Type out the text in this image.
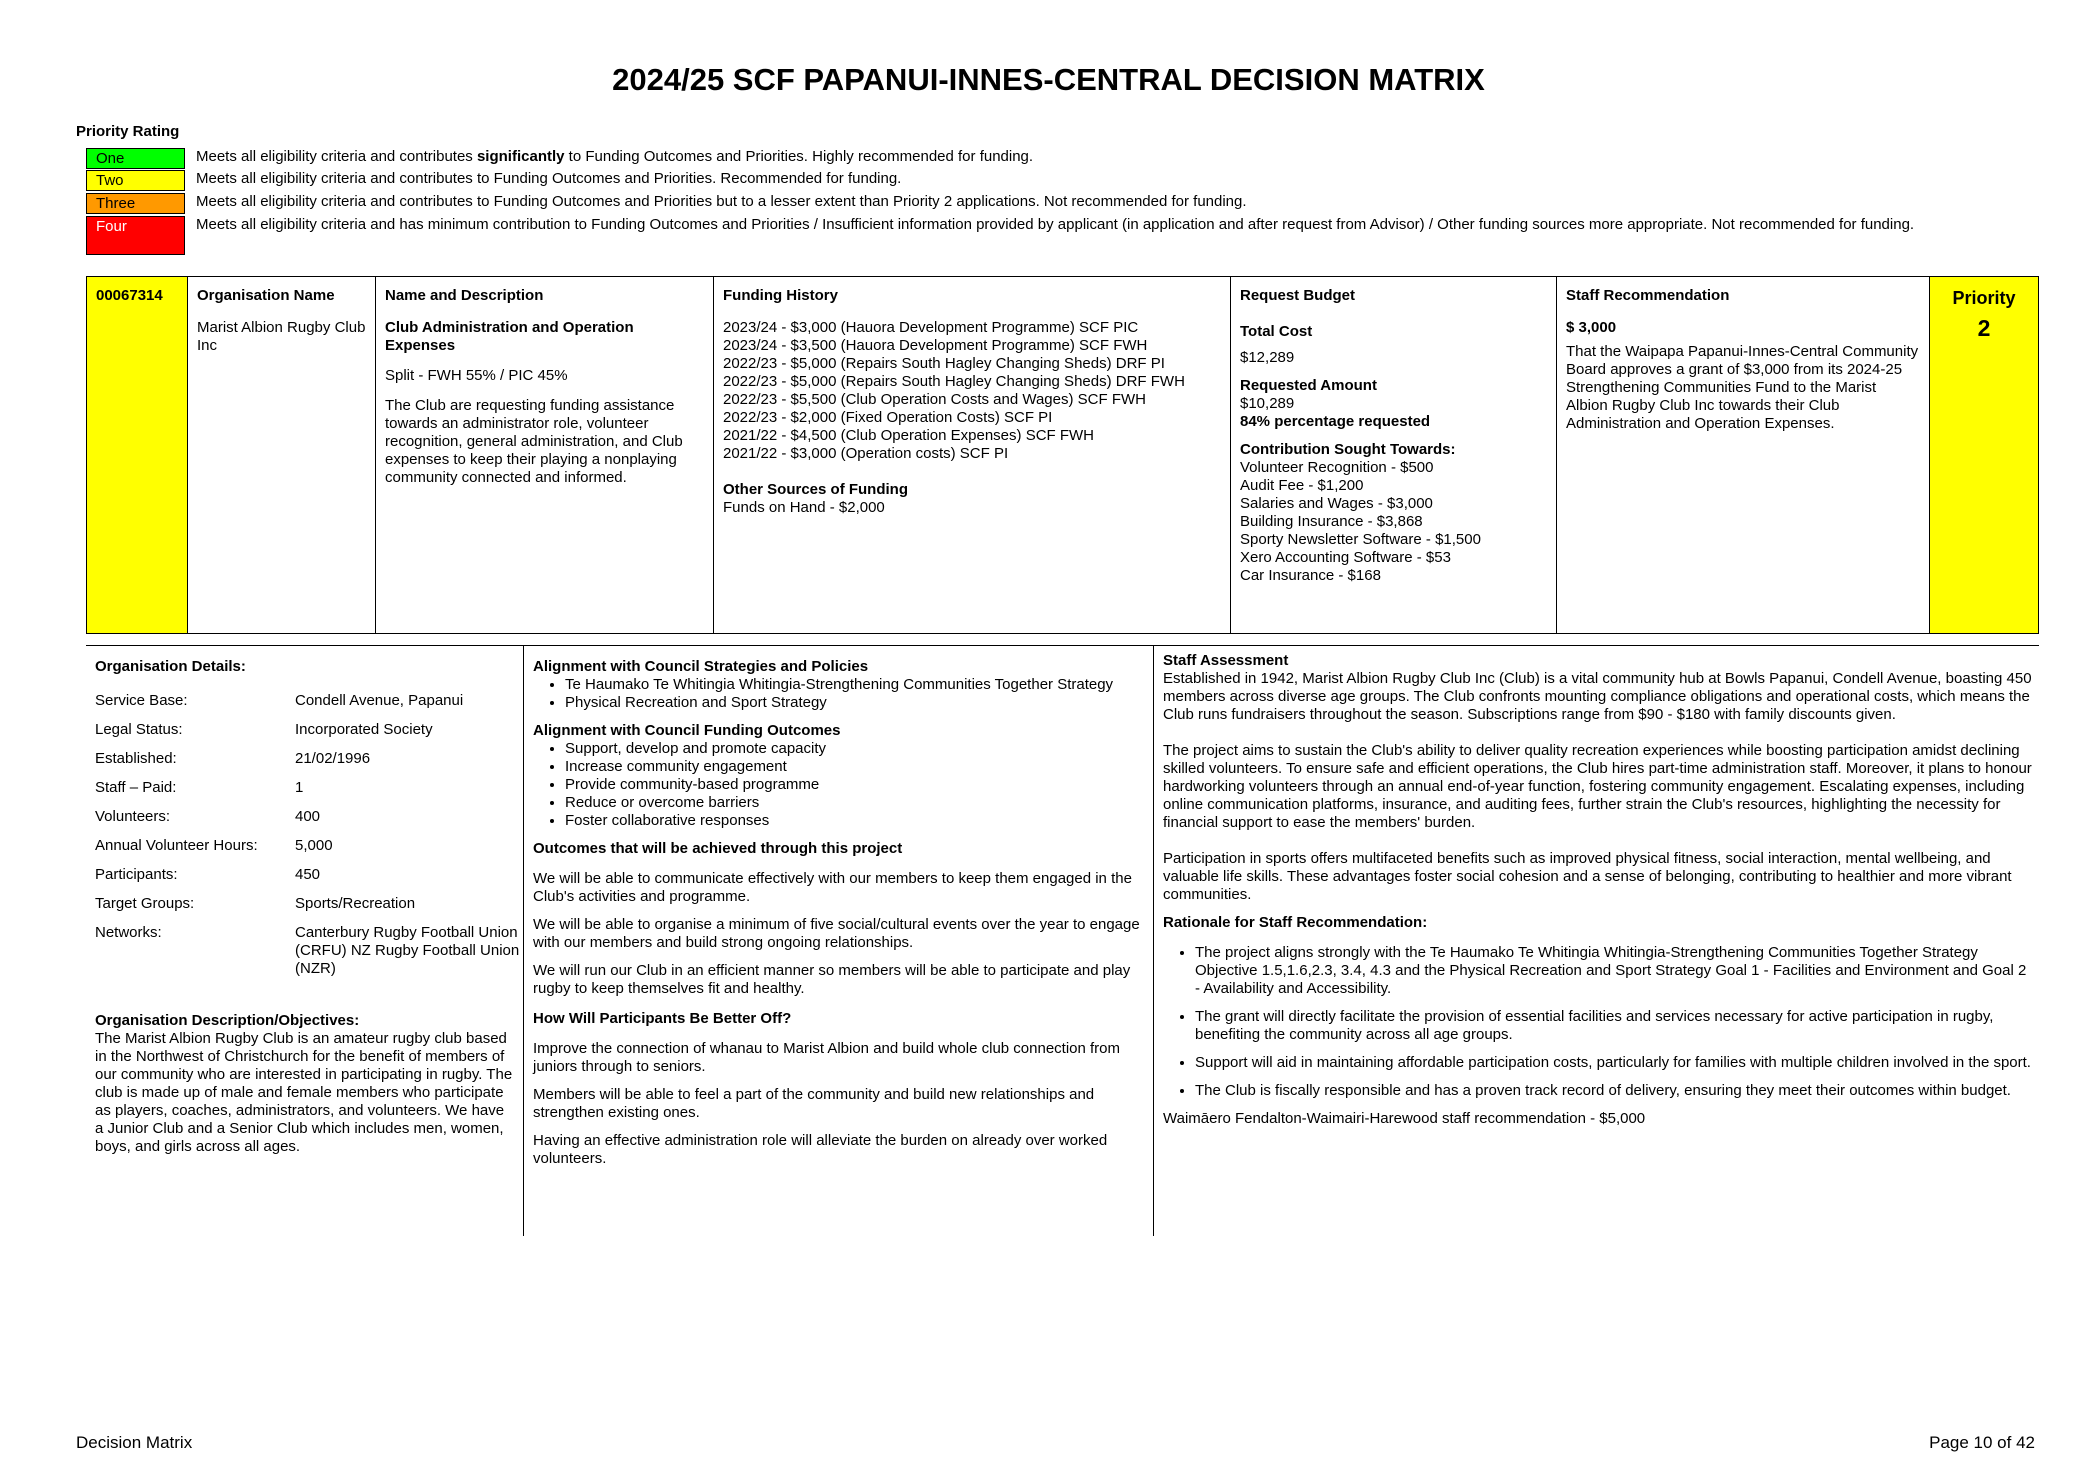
2024/25 SCF PAPANUI-INNES-CENTRAL DECISION MATRIX
Priority Rating
One	Meets all eligibility criteria and contributes significantly to Funding Outcomes and Priorities. Highly recommended for funding.
Two	Meets all eligibility criteria and contributes to Funding Outcomes and Priorities. Recommended for funding.
Three	Meets all eligibility criteria and contributes to Funding Outcomes and Priorities but to a lesser extent than Priority 2 applications. Not recommended for funding.
Four	Meets all eligibility criteria and has minimum contribution to Funding Outcomes and Priorities / Insufficient information provided by applicant (in application and after request from Advisor) / Other funding sources more appropriate. Not recommended for funding.
00067314	Organisation Name
Marist Albion Rugby Club Inc
Name and Description
Club Administration and Operation Expenses
Split - FWH 55% / PIC 45%
The Club are requesting funding assistance towards an administrator role, volunteer recognition, general administration, and Club expenses to keep their playing a nonplaying community connected and informed.
Funding History
2023/24 - $3,000 (Hauora Development Programme) SCF PIC
2023/24 - $3,500 (Hauora Development Programme) SCF FWH
2022/23 - $5,000 (Repairs South Hagley Changing Sheds) DRF PI
2022/23 - $5,000 (Repairs South Hagley Changing Sheds) DRF FWH
2022/23 - $5,500 (Club Operation Costs and Wages) SCF FWH
2022/23 - $2,000 (Fixed Operation Costs) SCF PI
2021/22 - $4,500 (Club Operation Expenses) SCF FWH
2021/22 - $3,000 (Operation costs) SCF PI
Other Sources of Funding
Funds on Hand - $2,000
Request Budget
Total Cost
$12,289
Requested Amount
$10,289
84% percentage requested
Contribution Sought Towards:
Volunteer Recognition - $500
Audit Fee - $1,200
Salaries and Wages - $3,000
Building Insurance - $3,868
Sporty Newsletter Software - $1,500
Xero Accounting Software - $53
Car Insurance - $168
Staff Recommendation
$ 3,000
That the Waipapa Papanui-Innes-Central Community Board approves a grant of $3,000 from its 2024-25 Strengthening Communities Fund to the Marist Albion Rugby Club Inc towards their Club Administration and Operation Expenses.
Priority
2
Organisation Details:
Service Base:	Condell Avenue, Papanui
Legal Status:	Incorporated Society
Established:	21/02/1996
Staff – Paid:	1
Volunteers:	400
Annual Volunteer Hours: 5,000
Participants:	450
Target Groups:	Sports/Recreation
Networks:	Canterbury Rugby Football Union (CRFU) NZ Rugby Football Union (NZR)
Organisation Description/Objectives:
The Marist Albion Rugby Club is an amateur rugby club based in the Northwest of Christchurch for the benefit of members of our community who are interested in participating in rugby. The club is made up of male and female members who participate as players, coaches, administrators, and volunteers. We have a Junior Club and a Senior Club which includes men, women, boys, and girls across all ages.
Alignment with Council Strategies and Policies
• Te Haumako Te Whitingia Whitingia-Strengthening Communities Together Strategy
• Physical Recreation and Sport Strategy
Alignment with Council Funding Outcomes
• Support, develop and promote capacity
• Increase community engagement
• Provide community-based programme
• Reduce or overcome barriers
• Foster collaborative responses
Outcomes that will be achieved through this project

We will be able to communicate effectively with our members to keep them engaged in the Club's activities and programme.

We will be able to organise a minimum of five social/cultural events over the year to engage with our members and build strong ongoing relationships.

We will run our Club in an efficient manner so members will be able to participate and play rugby to keep themselves fit and healthy.

How Will Participants Be Better Off?

Improve the connection of whanau to Marist Albion and build whole club connection from juniors through to seniors.

Members will be able to feel a part of the community and build new relationships and strengthen existing ones.

Having an effective administration role will alleviate the burden on already over worked volunteers.

Staff Assessment

Established in 1942, Marist Albion Rugby Club Inc (Club) is a vital community hub at Bowls Papanui, Condell Avenue, boasting 450 members across diverse age groups. The Club confronts mounting compliance obligations and operational costs, which means the Club runs fundraisers throughout the season. Subscriptions range from $90 - $180 with family discounts given.

The project aims to sustain the Club's ability to deliver quality recreation experiences while boosting participation amidst declining skilled volunteers. To ensure safe and efficient operations, the Club hires part-time administration staff. Moreover, it plans to honour hardworking volunteers through an annual end-of-year function, fostering community engagement. Escalating expenses, including online communication platforms, insurance, and auditing fees, further strain the Club's resources, highlighting the necessity for financial support to ease the members' burden.

Participation in sports offers multifaceted benefits such as improved physical fitness, social interaction, mental wellbeing, and valuable life skills. These advantages foster social cohesion and a sense of belonging, contributing to healthier and more vibrant communities.

Rationale for Staff Recommendation:
• The project aligns strongly with the Te Haumako Te Whitingia Whitingia-Strengthening Communities Together Strategy Objective 1.5,1.6,2.3, 3.4, 4.3 and the Physical Recreation and Sport Strategy Goal 1 - Facilities and Environment and Goal 2 - Availability and Accessibility.
• The grant will directly facilitate the provision of essential facilities and services necessary for active participation in rugby, benefiting the community across all age groups.
• Support will aid in maintaining affordable participation costs, particularly for families with multiple children involved in the sport.
• The Club is fiscally responsible and has a proven track record of delivery, ensuring they meet their outcomes within budget.

Waimāero Fendalton-Waimairi-Harewood staff recommendation - $5,000

Decision Matrix	Page 10 of 42
